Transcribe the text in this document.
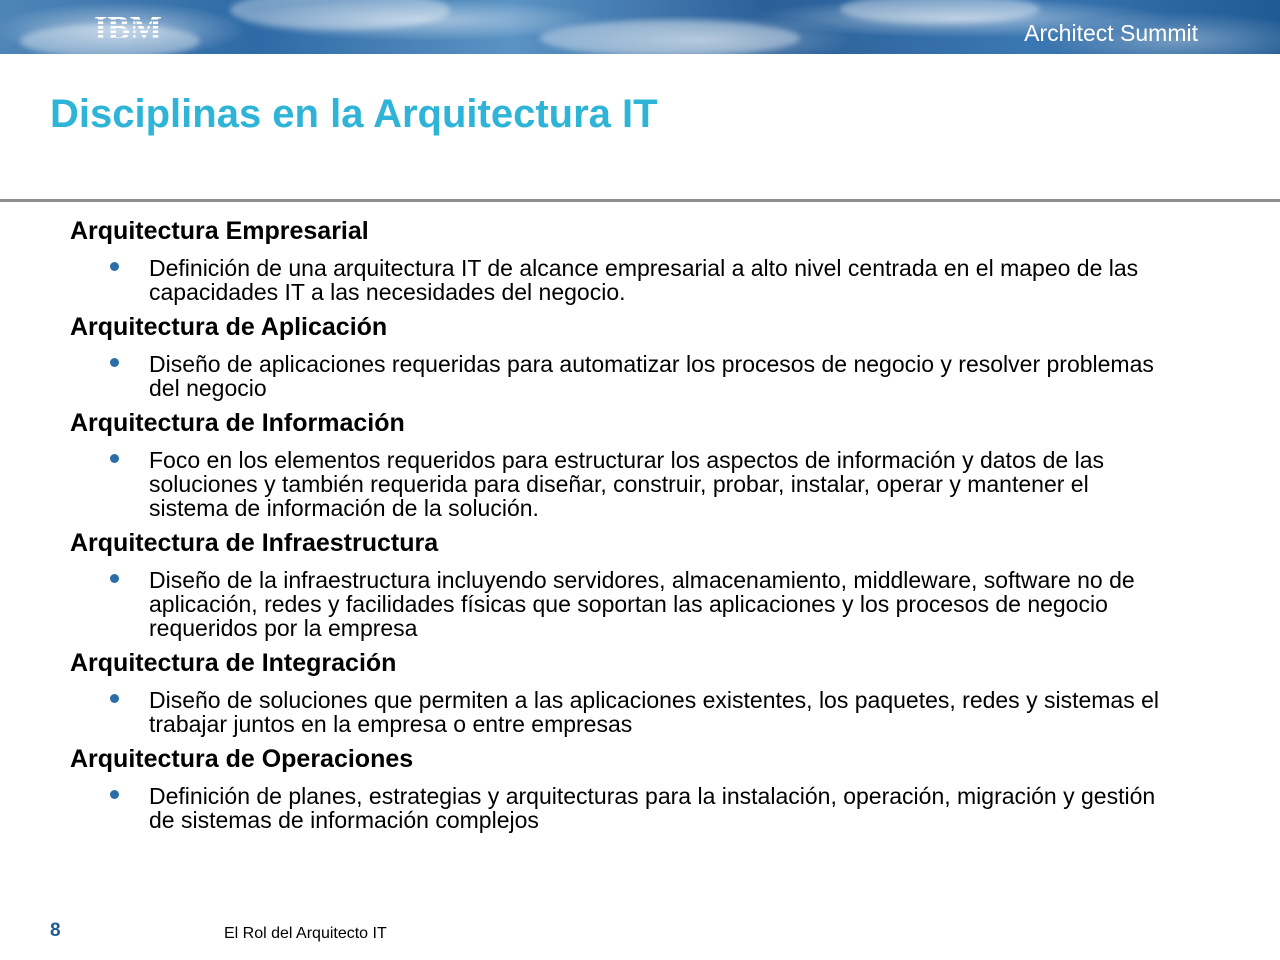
IBM	Architect Summit
Disciplinas en la Arquitectura IT

Arquitectura Empresarial

Definición de una arquitectura IT de alcance empresarial a alto nivel centrada en el mapeo de las capacidades IT a las necesidades del negocio.

Arquitectura de Aplicación

Diseño de aplicaciones requeridas para automatizar los procesos de negocio y resolver problemas del negocio

Arquitectura de Información

Foco en los elementos requeridos para estructurar los aspectos de información y datos de las soluciones y también requerida para diseñar, construir, probar, instalar, operar y mantener el sistema de información de la solución.

Arquitectura de Infraestructura

Diseño de la infraestructura incluyendo servidores, almacenamiento, middleware, software no de aplicación, redes y facilidades físicas que soportan las aplicaciones y los procesos de negocio requeridos por la empresa

Arquitectura de Integración

Diseño de soluciones que permiten a las aplicaciones existentes, los paquetes, redes y sistemas el trabajar juntos en la empresa o entre empresas

Arquitectura de Operaciones

Definición de planes, estrategias y arquitecturas para la instalación, operación, migración y gestión de sistemas de información complejos
8	El Rol del Arquitecto IT
